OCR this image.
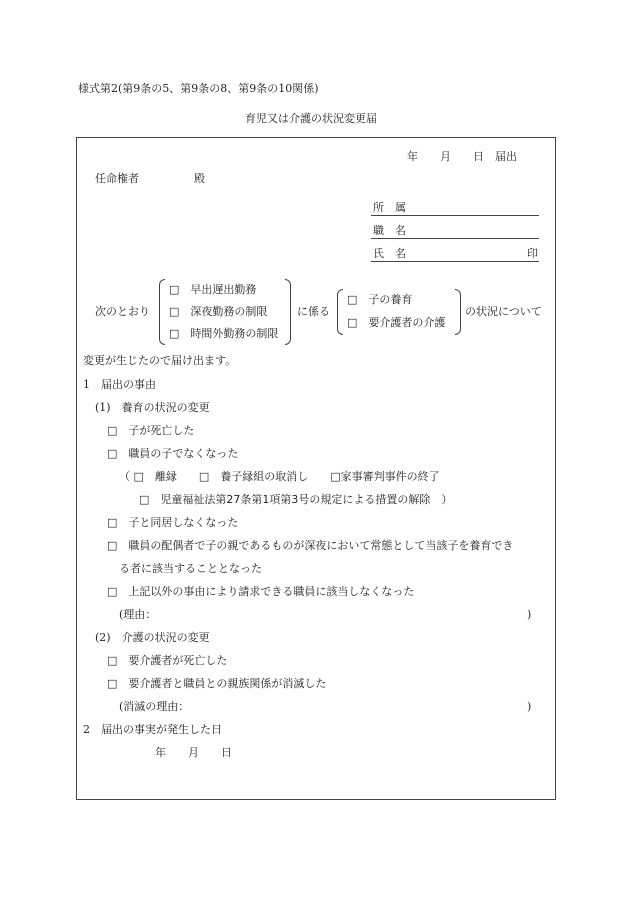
様式第2(第9条の5、第9条の8、第9条の10関係)
育児又は介護の状況変更届
年　　月　　日　届出
任命権者　　　　　殿
所　属
職　名
氏　名	印
次のとおり
□　早出遅出勤務
□　深夜勤務の制限
□　時間外勤務の制限
に係る
□　子の養育
□　要介護者の介護
の状況について
変更が生じたので届け出ます。
1　届出の事由
(1)　養育の状況の変更
□　子が死亡した
□　職員の子でなくなった
（ □　離縁　　□　養子縁組の取消し　　□家事審判事件の終了
□　児童福祉法第27条第1項第3号の規定による措置の解除　）
□　子と同居しなくなった
□　職員の配偶者で子の親であるものが深夜において常態として当該子を養育でき
る者に該当することとなった
□　上記以外の事由により請求できる職員に該当しなくなった
(理由：	)
(2)　介護の状況の変更
□　要介護者が死亡した
□　要介護者と職員との親族関係が消滅した
(消滅の理由：	)
2　届出の事実が発生した日
年　　月　　日
